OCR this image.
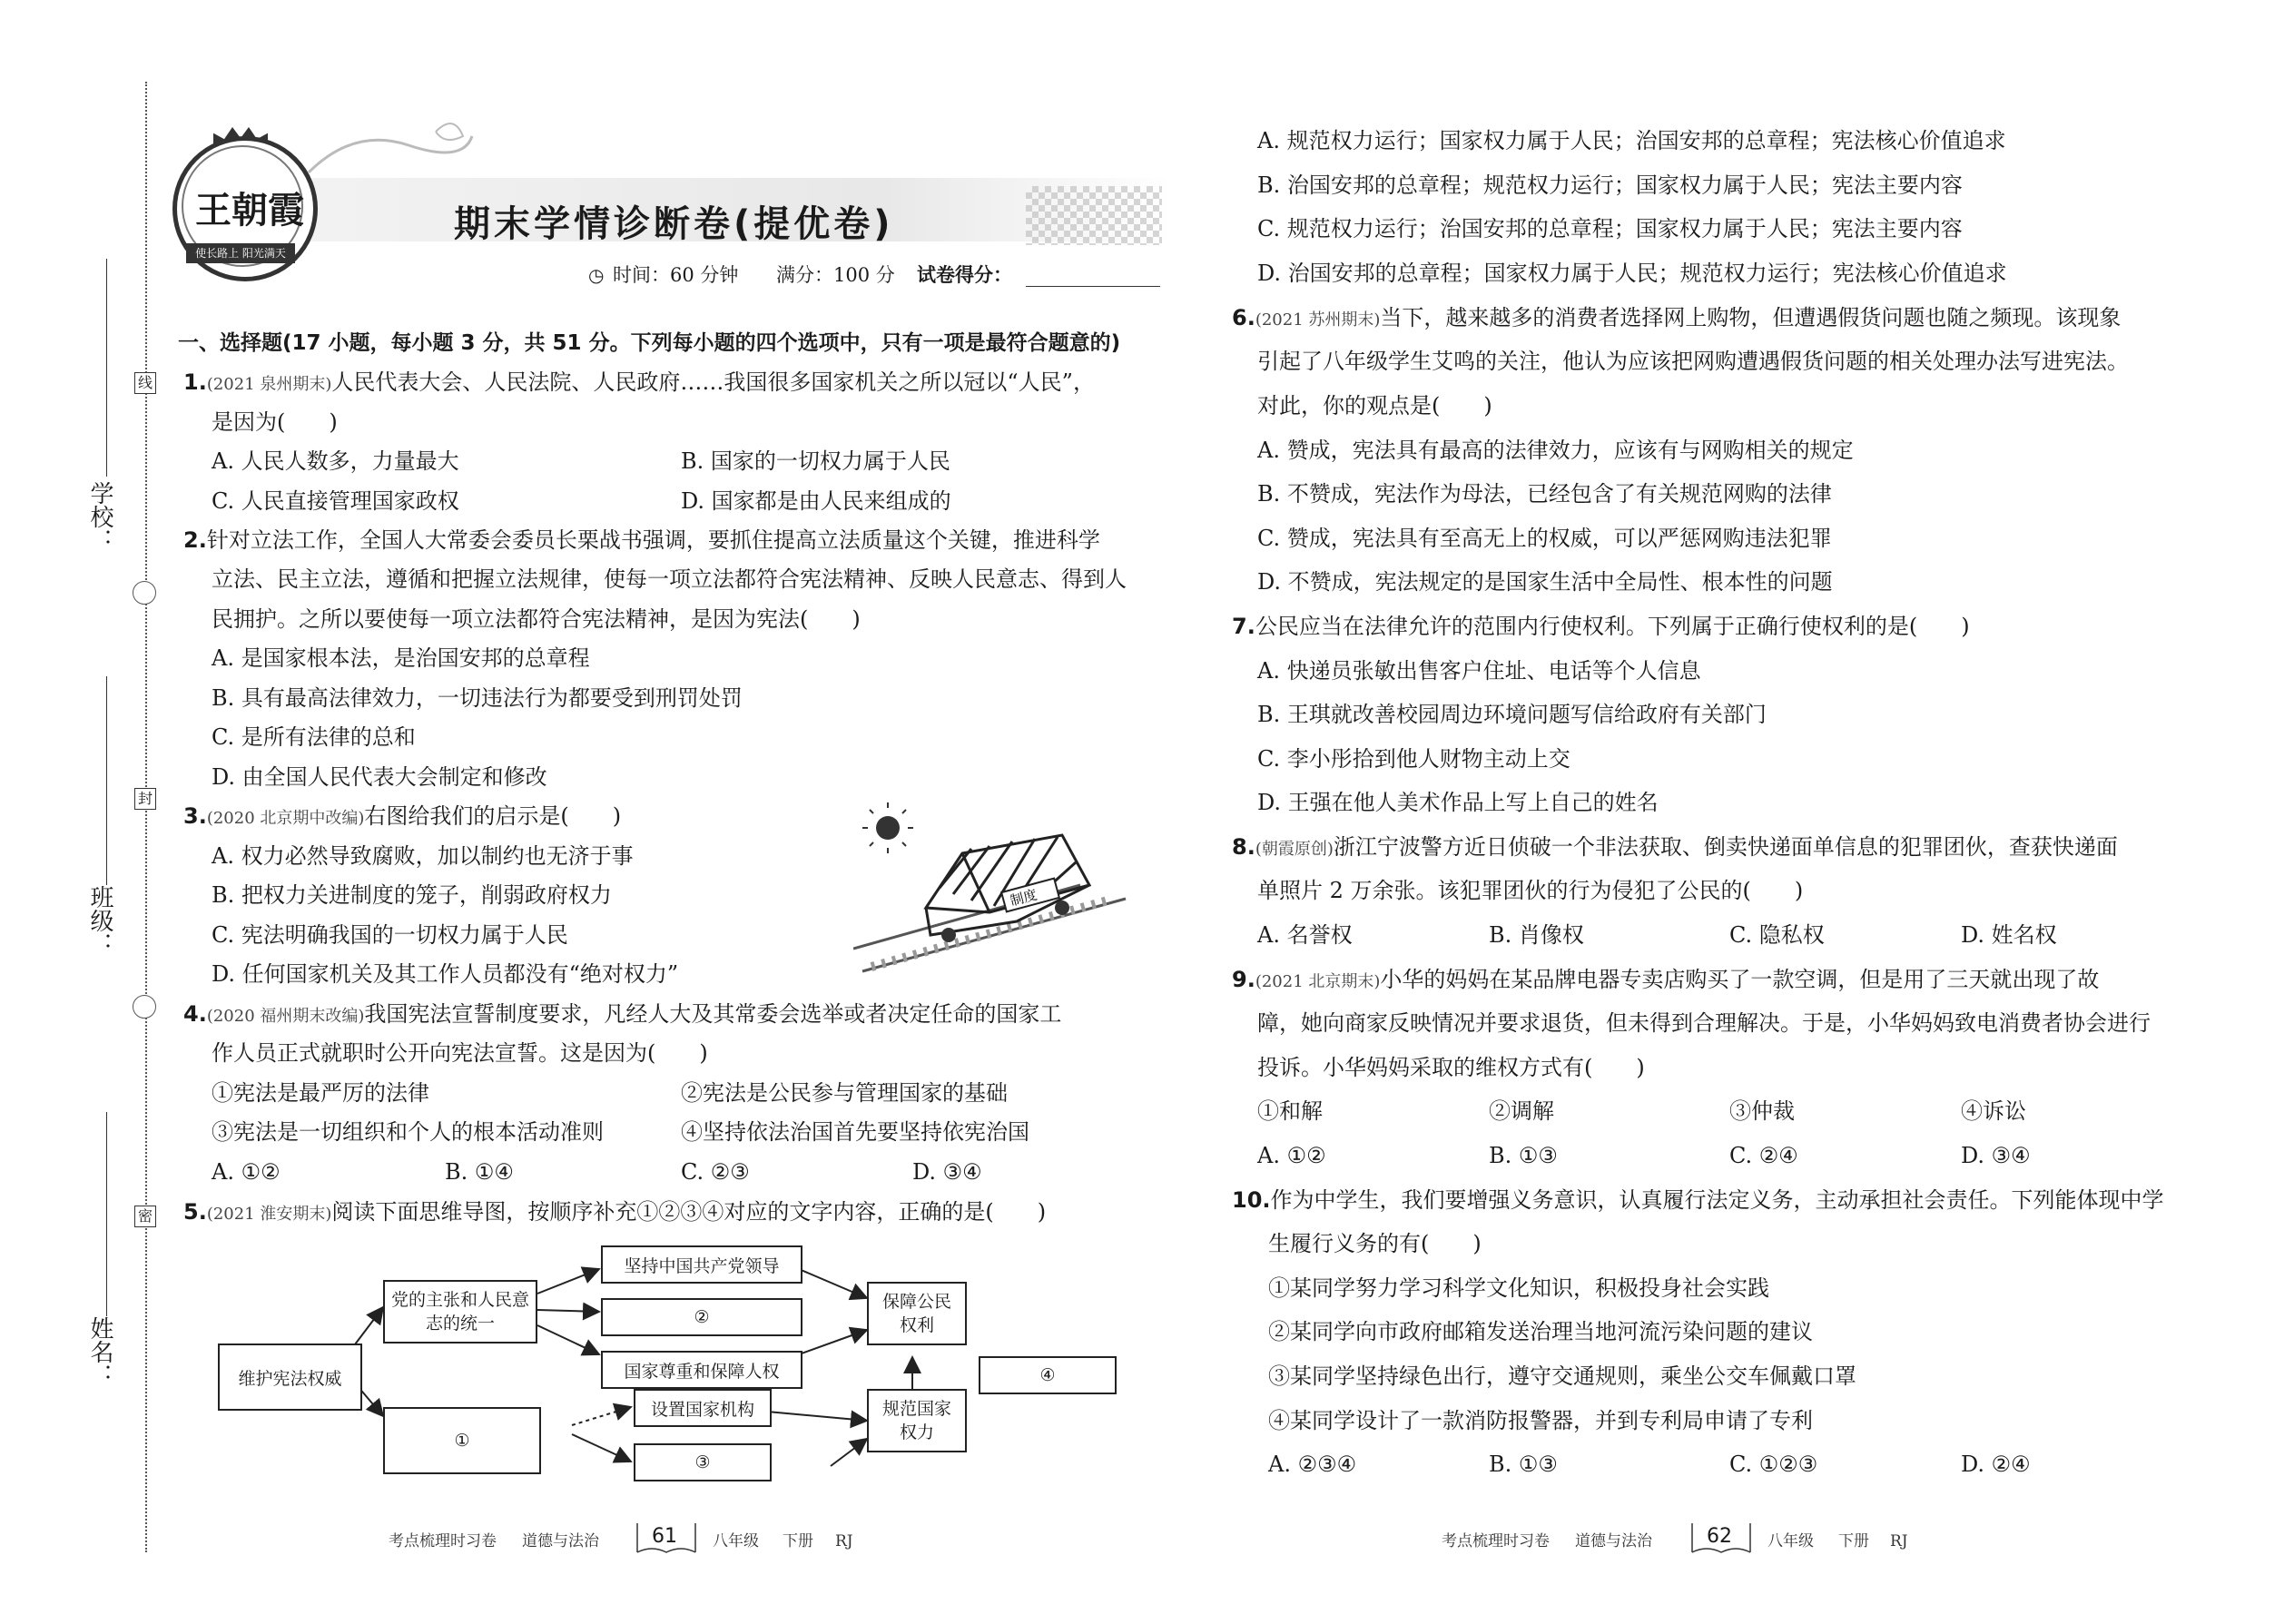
线
封
密
学校：
班级：
姓名：
王朝霞
使长路上 阳光满天
期末学情诊断卷(提优卷)
◷ 时间：60 分钟 满分：100 分 试卷得分：
一、选择题(17 小题，每小题 3 分，共 51 分。下列每小题的四个选项中，只有一项是最符合题意的)
1.(2021 泉州期末)人民代表大会、人民法院、人民政府……我国很多国家机关之所以冠以“人民”，
是因为(　　)
A. 人民人数多，力量最大	B. 国家的一切权力属于人民
C. 人民直接管理国家政权	D. 国家都是由人民来组成的
2.针对立法工作，全国人大常委会委员长栗战书强调，要抓住提高立法质量这个关键，推进科学
立法、民主立法，遵循和把握立法规律，使每一项立法都符合宪法精神、反映人民意志、得到人
民拥护。之所以要使每一项立法都符合宪法精神，是因为宪法(　　)
A. 是国家根本法，是治国安邦的总章程
B. 具有最高法律效力，一切违法行为都要受到刑罚处罚
C. 是所有法律的总和
D. 由全国人民代表大会制定和修改
3.(2020 北京期中改编)右图给我们的启示是(　　)
A. 权力必然导致腐败，加以制约也无济于事
B. 把权力关进制度的笼子，削弱政府权力
C. 宪法明确我国的一切权力属于人民
D. 任何国家机关及其工作人员都没有“绝对权力”
制度
4.(2020 福州期末改编)我国宪法宣誓制度要求，凡经人大及其常委会选举或者决定任命的国家工
作人员正式就职时公开向宪法宣誓。这是因为(　　)
①宪法是最严厉的法律	②宪法是公民参与管理国家的基础
③宪法是一切组织和个人的根本活动准则	④坚持依法治国首先要坚持依宪治国
A. ①②	B. ①④	C. ②③	D. ③④
5.(2021 淮安期末)阅读下面思维导图，按顺序补充①②③④对应的文字内容，正确的是(　　)
维护宪法权威
党的主张和人民意志的统一
坚持中国共产党领导
②
国家尊重和保障人权
保障公民权利
④
①
设置国家机构
③
规范国家权力
考点梳理时习卷 道德与法治	61 八年级 下册 RJ
A. 规范权力运行；国家权力属于人民；治国安邦的总章程；宪法核心价值追求
B. 治国安邦的总章程；规范权力运行；国家权力属于人民；宪法主要内容
C. 规范权力运行；治国安邦的总章程；国家权力属于人民；宪法主要内容
D. 治国安邦的总章程；国家权力属于人民；规范权力运行；宪法核心价值追求
6.(2021 苏州期末)当下，越来越多的消费者选择网上购物，但遭遇假货问题也随之频现。该现象
引起了八年级学生艾鸣的关注，他认为应该把网购遭遇假货问题的相关处理办法写进宪法。
对此，你的观点是(　　)
A. 赞成，宪法具有最高的法律效力，应该有与网购相关的规定
B. 不赞成，宪法作为母法，已经包含了有关规范网购的法律
C. 赞成，宪法具有至高无上的权威，可以严惩网购违法犯罪
D. 不赞成，宪法规定的是国家生活中全局性、根本性的问题
7.公民应当在法律允许的范围内行使权利。下列属于正确行使权利的是(　　)
A. 快递员张敏出售客户住址、电话等个人信息
B. 王琪就改善校园周边环境问题写信给政府有关部门
C. 李小彤拾到他人财物主动上交
D. 王强在他人美术作品上写上自己的姓名
8.(朝霞原创)浙江宁波警方近日侦破一个非法获取、倒卖快递面单信息的犯罪团伙，查获快递面
单照片 2 万余张。该犯罪团伙的行为侵犯了公民的(　　)
A. 名誉权	B. 肖像权	C. 隐私权	D. 姓名权
9.(2021 北京期末)小华的妈妈在某品牌电器专卖店购买了一款空调，但是用了三天就出现了故
障，她向商家反映情况并要求退货，但未得到合理解决。于是，小华妈妈致电消费者协会进行
投诉。小华妈妈采取的维权方式有(　　)
①和解	②调解	③仲裁	④诉讼
A. ①②	B. ①③	C. ②④	D. ③④
10.作为中学生，我们要增强义务意识，认真履行法定义务，主动承担社会责任。下列能体现中学
生履行义务的有(　　)
①某同学努力学习科学文化知识，积极投身社会实践
②某同学向市政府邮箱发送治理当地河流污染问题的建议
③某同学坚持绿色出行，遵守交通规则，乘坐公交车佩戴口罩
④某同学设计了一款消防报警器，并到专利局申请了专利
A. ②③④	B. ①③	C. ①②③	D. ②④
考点梳理时习卷 道德与法治	62 八年级 下册 RJ
